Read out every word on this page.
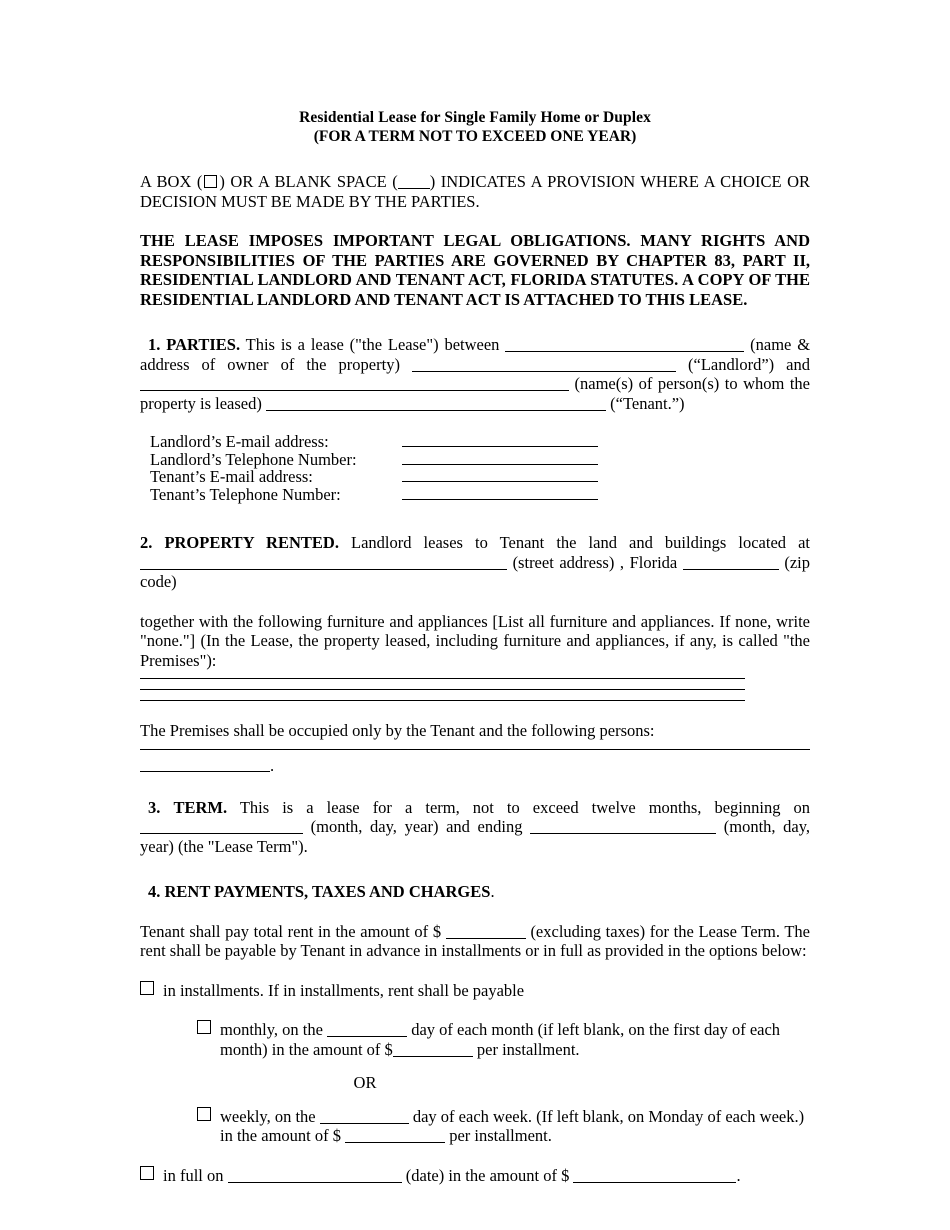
Residential Lease for Single Family Home or Duplex
(FOR A TERM NOT TO EXCEED ONE YEAR)

A BOX ( ) OR A BLANK SPACE ( ) INDICATES A PROVISION WHERE A CHOICE OR DECISION MUST BE MADE BY THE PARTIES.

THE LEASE IMPOSES IMPORTANT LEGAL OBLIGATIONS. MANY RIGHTS AND RESPONSIBILITIES OF THE PARTIES ARE GOVERNED BY CHAPTER 83, PART II, RESIDENTIAL LANDLORD AND TENANT ACT, FLORIDA STATUTES. A COPY OF THE RESIDENTIAL LANDLORD AND TENANT ACT IS ATTACHED TO THIS LEASE.

1. PARTIES. This is a lease ("the Lease") between	(name & address of owner of the property)	(“Landlord”) and  (name(s) of person(s) to whom the property is leased)	(“Tenant.”)

Landlord’s E-mail address:
Landlord’s Telephone Number:
Tenant’s E-mail address:
Tenant’s Telephone Number:

2. PROPERTY RENTED. Landlord leases to Tenant the land and buildings located at  (street address) , Florida	(zip code)

together with the following furniture and appliances [List all furniture and appliances. If none, write "none."] (In the Lease, the property leased, including furniture and appliances, if any, is called "the Premises"):

The Premises shall be occupied only by the Tenant and the following persons:

.

3. TERM. This is a lease for a term, not to exceed twelve months, beginning on  (month, day, year) and ending	(month, day, year) (the "Lease Term").

4. RENT PAYMENTS, TAXES AND CHARGES.

Tenant shall pay total rent in the amount of $	(excluding taxes) for the Lease Term. The rent shall be payable by Tenant in advance in installments or in full as provided in the options below:

in installments. If in installments, rent shall be payable
monthly, on the	day of each month (if left blank, on the first day of each month) in the amount of $	per installment.
OR
weekly, on the	day of each week. (If left blank, on Monday of each week.) in the amount of $	per installment.
in full on	(date) in the amount of $	.
